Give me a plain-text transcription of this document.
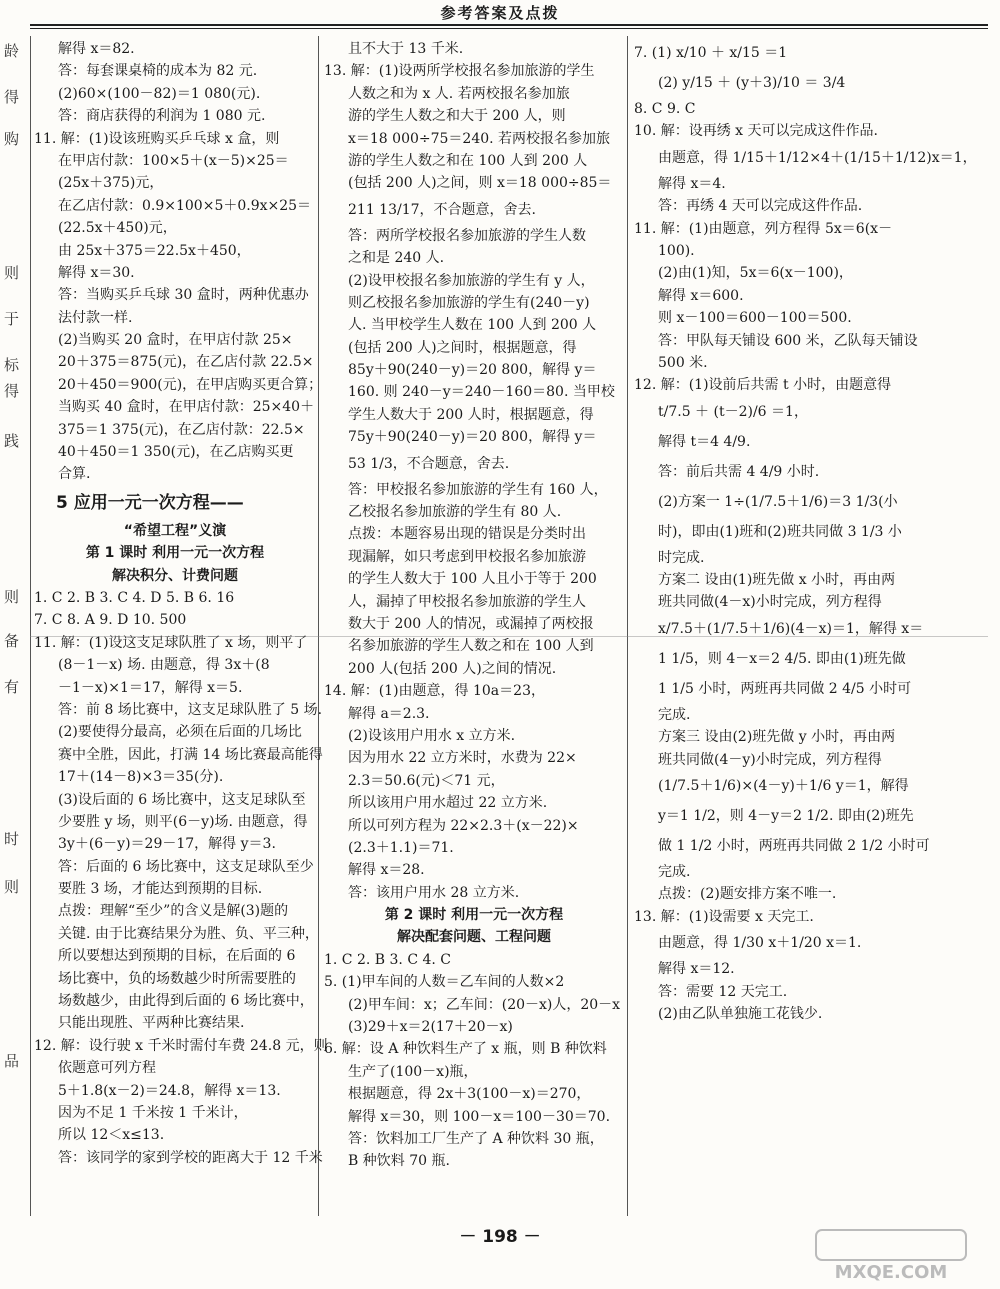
参考答案及点拨
龄
得
购
则
于
标
得
践
则
备
有
时
则
品
解得 x＝82.
答：每套课桌椅的成本为 82 元.
(2)60×(100－82)＝1 080(元).
答：商店获得的利润为 1 080 元.
11. 解：(1)设该班购买乒乓球 x 盒，则
在甲店付款：100×5＋(x－5)×25＝
(25x＋375)元，
在乙店付款：0.9×100×5＋0.9x×25＝
(22.5x＋450)元，
由 25x＋375＝22.5x＋450，
解得 x＝30.
答：当购买乒乓球 30 盒时，两种优惠办
法付款一样.
(2)当购买 20 盒时，在甲店付款 25×
20＋375＝875(元)，在乙店付款 22.5×
20＋450＝900(元)，在甲店购买更合算；
当购买 40 盒时，在甲店付款：25×40＋
375＝1 375(元)，在乙店付款：22.5×
40＋450＝1 350(元)，在乙店购买更
合算.
5 应用一元一次方程——
“希望工程”义演
第 1 课时 利用一元一次方程
解决积分、计费问题
1. C 2. B 3. C 4. D 5. B 6. 16
7. C 8. A 9. D 10. 500
11. 解：(1)设这支足球队胜了 x 场，则平了
(8－1－x) 场. 由题意，得 3x＋(8
－1－x)×1＝17，解得 x＝5.
答：前 8 场比赛中，这支足球队胜了 5 场.
(2)要使得分最高，必须在后面的几场比
赛中全胜，因此，打满 14 场比赛最高能得
17＋(14－8)×3＝35(分).
(3)设后面的 6 场比赛中，这支足球队至
少要胜 y 场，则平(6－y)场. 由题意，得
3y＋(6－y)＝29－17，解得 y＝3.
答：后面的 6 场比赛中，这支足球队至少
要胜 3 场，才能达到预期的目标.
点拨：理解“至少”的含义是解(3)题的
关键. 由于比赛结果分为胜、负、平三种，
所以要想达到预期的目标，在后面的 6
场比赛中，负的场数越少时所需要胜的
场数越少，由此得到后面的 6 场比赛中，
只能出现胜、平两种比赛结果.
12. 解：设行驶 x 千米时需付车费 24.8 元，则
依题意可列方程
5＋1.8(x－2)＝24.8，解得 x＝13.
因为不足 1 千米按 1 千米计，
所以 12＜x≤13.
答：该同学的家到学校的距离大于 12 千米
且不大于 13 千米.
13. 解：(1)设两所学校报名参加旅游的学生
人数之和为 x 人. 若两校报名参加旅
游的学生人数之和大于 200 人，则
x＝18 000÷75＝240. 若两校报名参加旅
游的学生人数之和在 100 人到 200 人
(包括 200 人)之间，则 x＝18 000÷85＝
211 13/17，不合题意，舍去.
答：两所学校报名参加旅游的学生人数
之和是 240 人.
(2)设甲校报名参加旅游的学生有 y 人，
则乙校报名参加旅游的学生有(240－y)
人. 当甲校学生人数在 100 人到 200 人
(包括 200 人)之间时，根据题意，得
85y＋90(240－y)＝20 800，解得 y＝
160. 则 240－y＝240－160＝80. 当甲校
学生人数大于 200 人时，根据题意，得
75y＋90(240－y)＝20 800，解得 y＝
53 1/3，不合题意，舍去.
答：甲校报名参加旅游的学生有 160 人，
乙校报名参加旅游的学生有 80 人.
点拨：本题容易出现的错误是分类时出
现漏解，如只考虑到甲校报名参加旅游
的学生人数大于 100 人且小于等于 200
人，漏掉了甲校报名参加旅游的学生人
数大于 200 人的情况，或漏掉了两校报
名参加旅游的学生人数之和在 100 人到
200 人(包括 200 人)之间的情况.
14. 解：(1)由题意，得 10a＝23，
解得 a＝2.3.
(2)设该用户用水 x 立方米.
因为用水 22 立方米时，水费为 22×
2.3＝50.6(元)＜71 元，
所以该用户用水超过 22 立方米.
所以可列方程为 22×2.3＋(x－22)×
(2.3＋1.1)＝71.
解得 x＝28.
答：该用户用水 28 立方米.
第 2 课时 利用一元一次方程
解决配套问题、工程问题
1. C 2. B 3. C 4. C
5. (1)甲车间的人数＝乙车间的人数×2
(2)甲车间：x；乙车间：(20－x)人，20－x
(3)29＋x＝2(17＋20－x)
6. 解：设 A 种饮料生产了 x 瓶，则 B 种饮料
生产了(100－x)瓶，
根据题意，得 2x＋3(100－x)＝270，
解得 x＝30，则 100－x＝100－30＝70.
答：饮料加工厂生产了 A 种饮料 30 瓶，
B 种饮料 70 瓶.
7. (1) x/10 ＋ x/15 ＝1
(2) y/15 ＋ (y＋3)/10 ＝ 3/4
8. C 9. C
10. 解：设再绣 x 天可以完成这件作品.
由题意，得 1/15＋1/12×4＋(1/15＋1/12)x＝1，
解得 x＝4.
答：再绣 4 天可以完成这件作品.
11. 解：(1)由题意，列方程得 5x＝6(x－
100).
(2)由(1)知，5x＝6(x－100)，
解得 x＝600.
则 x－100＝600－100＝500.
答：甲队每天铺设 600 米，乙队每天铺设
500 米.
12. 解：(1)设前后共需 t 小时，由题意得
t/7.5 ＋ (t－2)/6 ＝1，
解得 t＝4 4/9.
答：前后共需 4 4/9 小时.
(2)方案一 1÷(1/7.5＋1/6)＝3 1/3(小
时)，即由(1)班和(2)班共同做 3 1/3 小
时完成.
方案二 设由(1)班先做 x 小时，再由两
班共同做(4－x)小时完成，列方程得
x/7.5＋(1/7.5＋1/6)(4－x)＝1，解得 x＝
1 1/5，则 4－x＝2 4/5. 即由(1)班先做
1 1/5 小时，两班再共同做 2 4/5 小时可
完成.
方案三 设由(2)班先做 y 小时，再由两
班共同做(4－y)小时完成，列方程得
(1/7.5＋1/6)×(4－y)＋1/6 y＝1，解得
y＝1 1/2，则 4－y＝2 1/2. 即由(2)班先
做 1 1/2 小时，两班再共同做 2 1/2 小时可
完成.
点拨：(2)题安排方案不唯一.
13. 解：(1)设需要 x 天完工.
由题意，得 1/30 x＋1/20 x＝1.
解得 x＝12.
答：需要 12 天完工.
(2)由乙队单独施工花钱少.
－ 198 －
MXQE.COM
